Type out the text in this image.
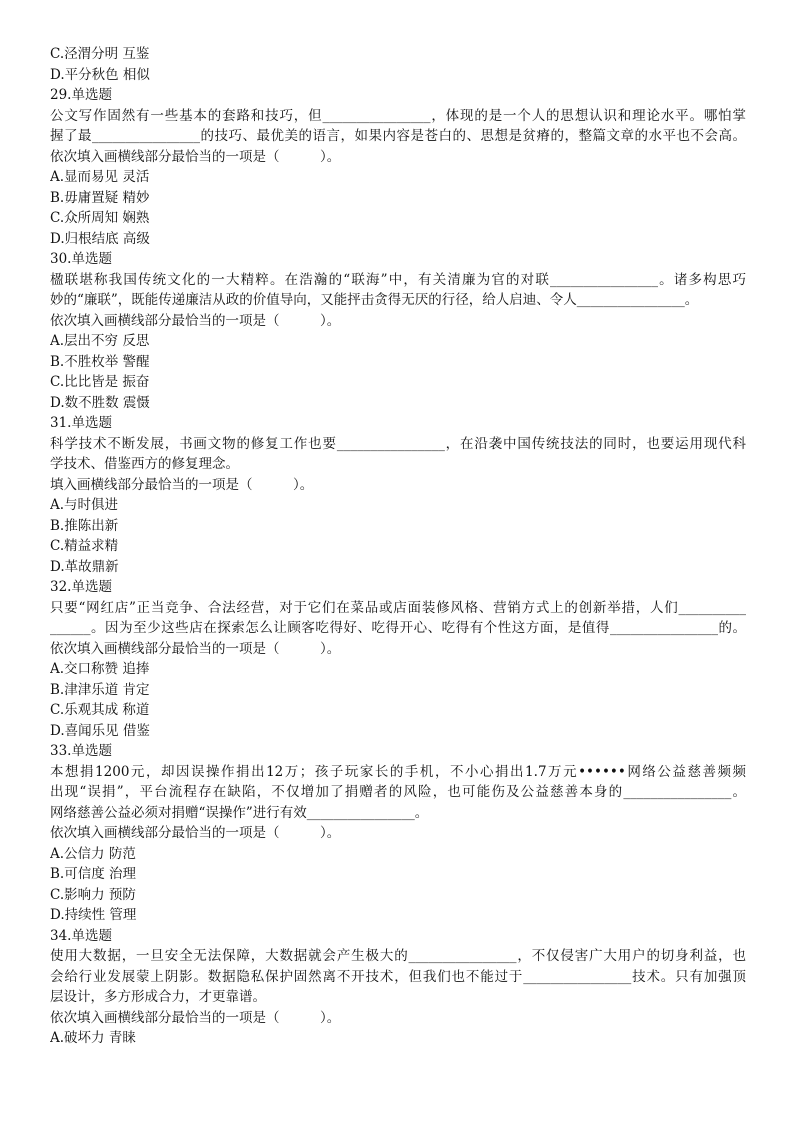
C.泾渭分明 互鉴
D.平分秋色 相似
29.单选题
公文写作固然有一些基本的套路和技巧，但________________，体现的是一个人的思想认识和理论水平。哪怕掌
握了最________________的技巧、最优美的语言，如果内容是苍白的、思想是贫瘠的，整篇文章的水平也不会高。
依次填入画横线部分最恰当的一项是（　　　）。
A.显而易见 灵活
B.毋庸置疑 精妙
C.众所周知 娴熟
D.归根结底 高级
30.单选题
楹联堪称我国传统文化的一大精粹。在浩瀚的“联海”中，有关清廉为官的对联________________。诸多构思巧
妙的“廉联”，既能传递廉洁从政的价值导向，又能抨击贪得无厌的行径，给人启迪、令人________________。
依次填入画横线部分最恰当的一项是（　　　）。
A.层出不穷 反思
B.不胜枚举 警醒
C.比比皆是 振奋
D.数不胜数 震慑
31.单选题
科学技术不断发展，书画文物的修复工作也要________________，在沿袭中国传统技法的同时，也要运用现代科
学技术、借鉴西方的修复理念。
填入画横线部分最恰当的一项是（　　　）。
A.与时俱进
B.推陈出新
C.精益求精
D.革故鼎新
32.单选题
只要“网红店”正当竞争、合法经营，对于它们在菜品或店面装修风格、营销方式上的创新举措，人们__________
______。因为至少这些店在探索怎么让顾客吃得好、吃得开心、吃得有个性这方面，是值得________________的。
依次填入画横线部分最恰当的一项是（　　　）。
A.交口称赞 追捧
B.津津乐道 肯定
C.乐观其成 称道
D.喜闻乐见 借鉴
33.单选题
本想捐1200元，却因误操作捐出12万；孩子玩家长的手机，不小心捐出1.7万元••••••网络公益慈善频频
出现“误捐”，平台流程存在缺陷，不仅增加了捐赠者的风险，也可能伤及公益慈善本身的________________。
网络慈善公益必须对捐赠“误操作”进行有效________________。
依次填入画横线部分最恰当的一项是（　　　）。
A.公信力 防范
B.可信度 治理
C.影响力 预防
D.持续性 管理
34.单选题
使用大数据，一旦安全无法保障，大数据就会产生极大的________________，不仅侵害广大用户的切身利益，也
会给行业发展蒙上阴影。数据隐私保护固然离不开技术，但我们也不能过于________________技术。只有加强顶
层设计，多方形成合力，才更靠谱。
依次填入画横线部分最恰当的一项是（　　　）。
A.破坏力 青睐
